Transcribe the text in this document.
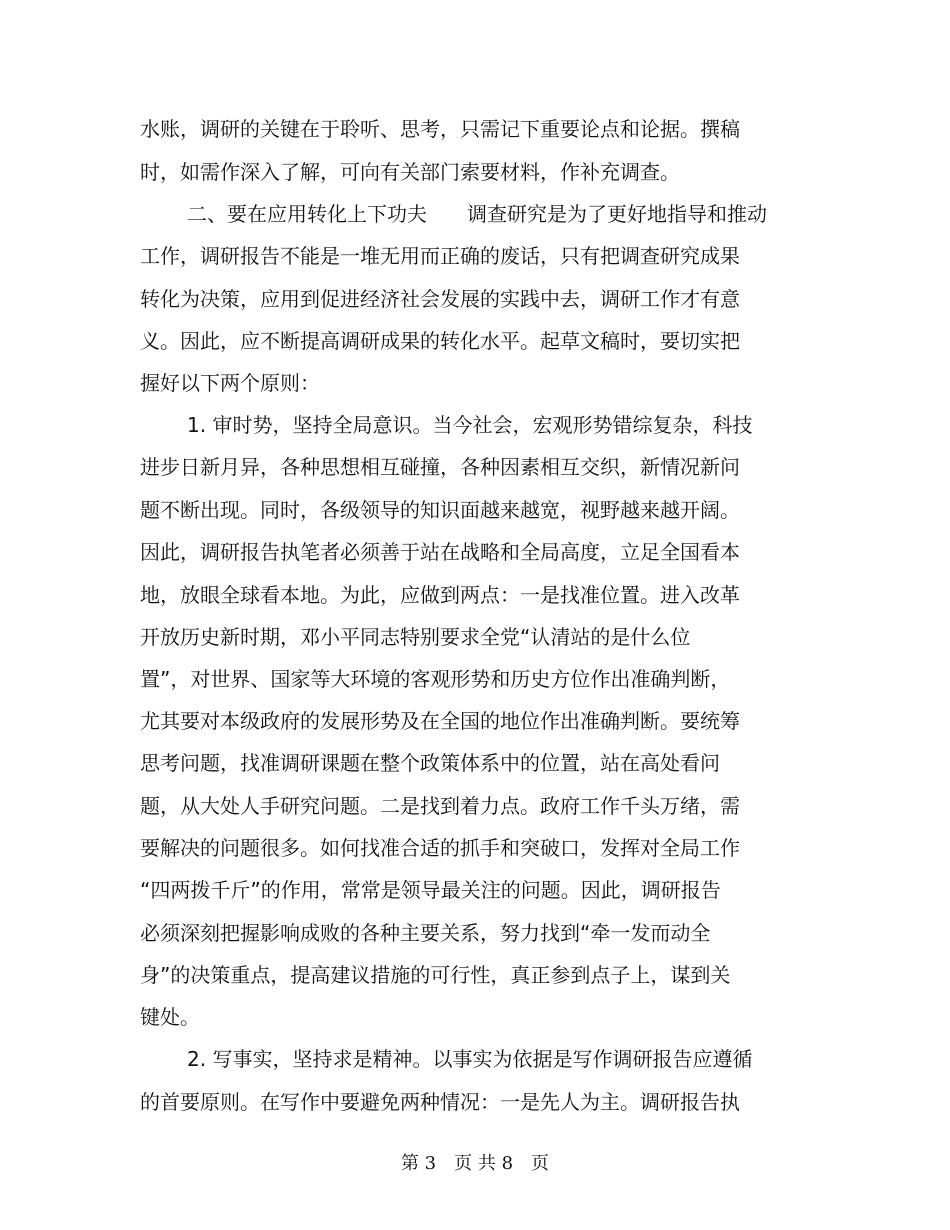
水账，调研的关键在于聆听、思考，只需记下重要论点和论据。撰稿
时，如需作深入了解，可向有关部门索要材料，作补充调查。
二、要在应用转化上下功夫　　调查研究是为了更好地指导和推动
工作，调研报告不能是一堆无用而正确的废话，只有把调查研究成果
转化为决策，应用到促进经济社会发展的实践中去，调研工作才有意
义。因此，应不断提高调研成果的转化水平。起草文稿时，要切实把
握好以下两个原则：
1. 审时势，坚持全局意识。当今社会，宏观形势错综复杂，科技
进步日新月异，各种思想相互碰撞，各种因素相互交织，新情况新问
题不断出现。同时，各级领导的知识面越来越宽，视野越来越开阔。
因此，调研报告执笔者必须善于站在战略和全局高度，立足全国看本
地，放眼全球看本地。为此，应做到两点：一是找准位置。进入改革
开放历史新时期，邓小平同志特别要求全党“认清站的是什么位
置”，对世界、国家等大环境的客观形势和历史方位作出准确判断，
尤其要对本级政府的发展形势及在全国的地位作出准确判断。要统筹
思考问题，找准调研课题在整个政策体系中的位置，站在高处看问
题，从大处人手研究问题。二是找到着力点。政府工作千头万绪，需
要解决的问题很多。如何找准合适的抓手和突破口，发挥对全局工作
“四两拨千斤”的作用，常常是领导最关注的问题。因此，调研报告
必须深刻把握影响成败的各种主要关系，努力找到“牵一发而动全
身”的决策重点，提高建议措施的可行性，真正参到点子上，谋到关
键处。
2. 写事实，坚持求是精神。以事实为依据是写作调研报告应遵循
的首要原则。在写作中要避免两种情况：一是先人为主。调研报告执
第 3　页 共 8　页
